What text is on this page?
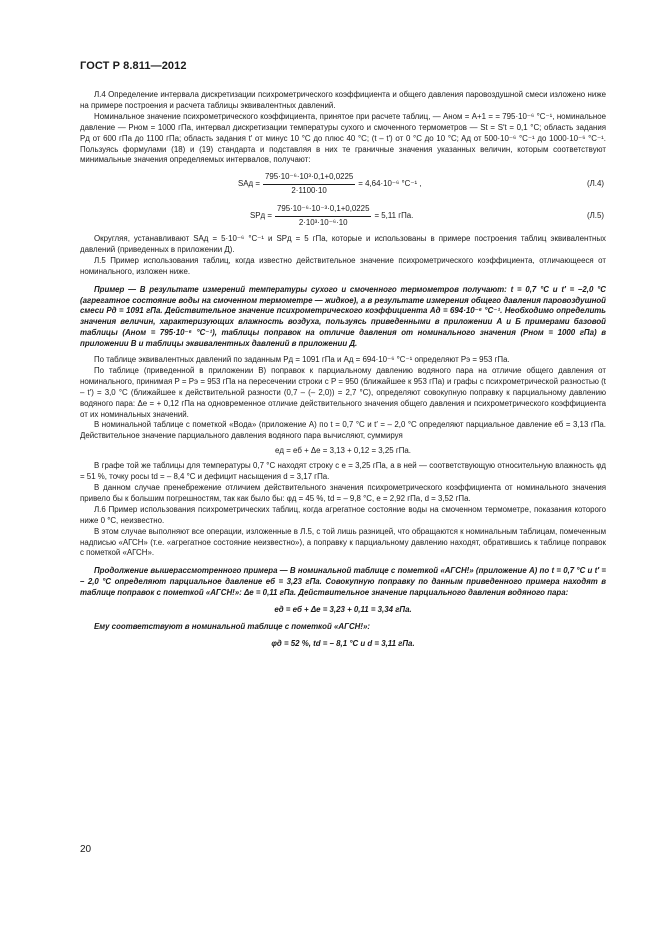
ГОСТ Р 8.811—2012

Л.4 Определение интервала дискретизации психрометрического коэффициента и общего давления паровоздушной смеси изложено ниже на примере построения и расчета таблицы эквивалентных давлений.

Номинальное значение психрометрического коэффициента, принятое при расчете таблиц, — Aном = A+1 = = 795·10⁻⁶ °C⁻¹, номинальное давление — Pном = 1000 гПа, интервал дискретизации температуры сухого и смоченного термометров — St = S′t = 0,1 °C; область задания Pд от 600 гПа до 1100 гПа; область задания t′ от минус 10 °C до плюс 40 °C; (t – t′) от 0 °C до 10 °C; Aд от 500·10⁻⁶ °C⁻¹ до 1000·10⁻⁶ °C⁻¹. Пользуясь формулами (18) и (19) стандарта и подставляя в них те граничные значения указанных величин, которым соответствуют минимальные значения определяемых интервалов, получают:

SAд = $\frac{\text{795·10⁻⁶·10³·0,1+0,0225}}{2\cdot 1100\cdot 10} = 4,64\cdot 10^{-6}$ °C⁻¹ ,	(Л.4)
SPд = $\frac{\text{795·10⁻⁶·10⁻³·0,1+0,0225}}{\text{2·10³·10⁻⁶·10}} = 5,11$ гПа.	(Л.5)

Округляя, устанавливают SAд = 5·10⁻⁶ °C⁻¹ и SPд = 5 гПа, которые и использованы в примере построения таблиц эквивалентных давлений (приведенных в приложении Д).

Л.5 Пример использования таблиц, когда известно действительное значение психрометрического коэффициента, отличающееся от номинального, изложен ниже.

Пример — В результате измерений температуры сухого и смоченного термометров получают: t = 0,7 °C и t′ = –2,0 °C (агрегатное состояние воды на смоченном термометре — жидкое), а в результате измерения общего давления паровоздушной смеси Pд = 1091 гПа. Действительное значение психрометрического коэффициента Aд = 694·10⁻⁶ °C⁻¹. Необходимо определить значения величин, характеризующих влажность воздуха, пользуясь приведенными в приложении А и Б примерами базовой таблицы (Aном = 795·10⁻⁶ °C⁻¹), таблицы поправок на отличие давления от номинального значения (Pном = 1000 гПа) в приложении В и таблицы эквивалентных давлений в приложении Д.

По таблице эквивалентных давлений по заданным Pд = 1091 гПа и Aд = 694·10⁻⁶ °C⁻¹ определяют Pэ = 953 гПа.

По таблице (приведенной в приложении В) поправок к парциальному давлению водяного пара на отличие общего давления от номинального, принимая P = Pэ = 953 гПа на пересечении строки с P = 950 (ближайшее к 953 гПа) и графы с психрометрической разностью (t – t′) = 3,0 °C (ближайшее к действительной разности (0,7 – (– 2,0)) = 2,7 °C), определяют совокупную поправку к парциальному давлению водяного пара: Δe = + 0,12 гПа на одновременное отличие действительного значения общего давления и психрометрического коэффициента от их номинальных значений.

В номинальной таблице с пометкой «Вода» (приложение А) по t = 0,7 °C и t′ = – 2,0 °C определяют парциальное давление eб = 3,13 гПа. Действительное значение парциального давления водяного пара вычисляют, суммируя

eд = eб + Δe = 3,13 + 0,12 = 3,25 гПа.

В графе той же таблицы для температуры 0,7 °C находят строку с e = 3,25 гПа, а в ней — соответствующую относительную влажность φд = 51 %, точку росы td = – 8,4 °C и дефицит насыщения d = 3,17 гПа.

В данном случае пренебрежение отличием действительного значения психрометрического коэффициента от номинального значения привело бы к большим погрешностям, так как было бы: φд = 45 %, td = – 9,8 °C, e = 2,92 гПа, d = 3,52 гПа.

Л.6 Пример использования психрометрических таблиц, когда агрегатное состояние воды на смоченном термометре, показания которого ниже 0 °C, неизвестно.

В этом случае выполняют все операции, изложенные в Л.5, с той лишь разницей, что обращаются к номинальным таблицам, помеченным надписью «АГСН» (т.е. «агрегатное состояние неизвестно»), а поправку к парциальному давлению находят, обратившись к таблице поправок с пометкой «АГСН».

Продолжение вышерассмотренного примера — В номинальной таблице с пометкой «АГСН!» (приложение А) по t = 0,7 °C и t′ = – 2,0 °C определяют парциальное давление eб = 3,23 гПа. Совокупную поправку по данным приведенного примера находят в таблице поправок с пометкой «АГСН!»: Δe = 0,11 гПа. Действительное значение парциального давления водяного пара:

eд = eб + Δe = 3,23 + 0,11 = 3,34 гПа.

Ему соответствуют в номинальной таблице с пометкой «АГСН!»:

φд = 52 %, td = – 8,1 °C и d = 3,11 гПа.

20
